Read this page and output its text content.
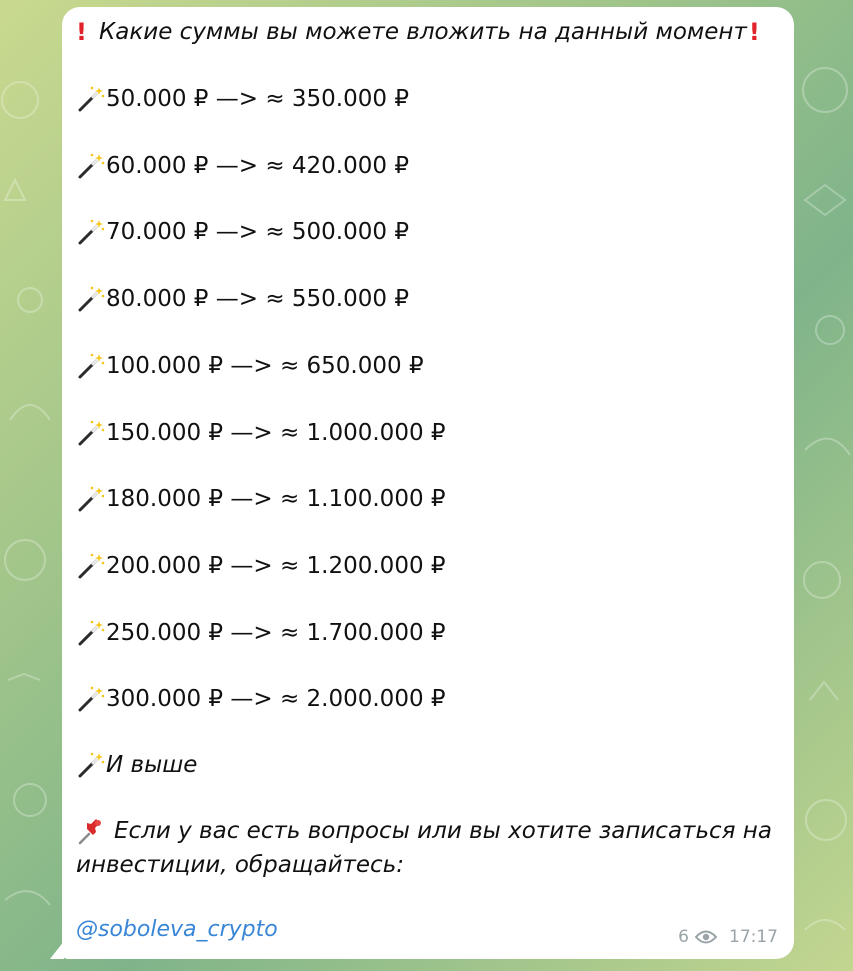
! Какие суммы вы можете вложить на данный момент !
50.000 ₽ —> ≈ 350.000 ₽
60.000 ₽ —> ≈ 420.000 ₽
70.000 ₽ —> ≈ 500.000 ₽
80.000 ₽ —> ≈ 550.000 ₽
100.000 ₽ —> ≈ 650.000 ₽
150.000 ₽ —> ≈ 1.000.000 ₽
180.000 ₽ —> ≈ 1.100.000 ₽
200.000 ₽ —> ≈ 1.200.000 ₽
250.000 ₽ —> ≈ 1.700.000 ₽
300.000 ₽ —> ≈ 2.000.000 ₽
И выше
Если у вас есть вопросы или вы хотите записаться на
инвестиции, обращайтесь:
@soboleva_crypto	6 17:17
